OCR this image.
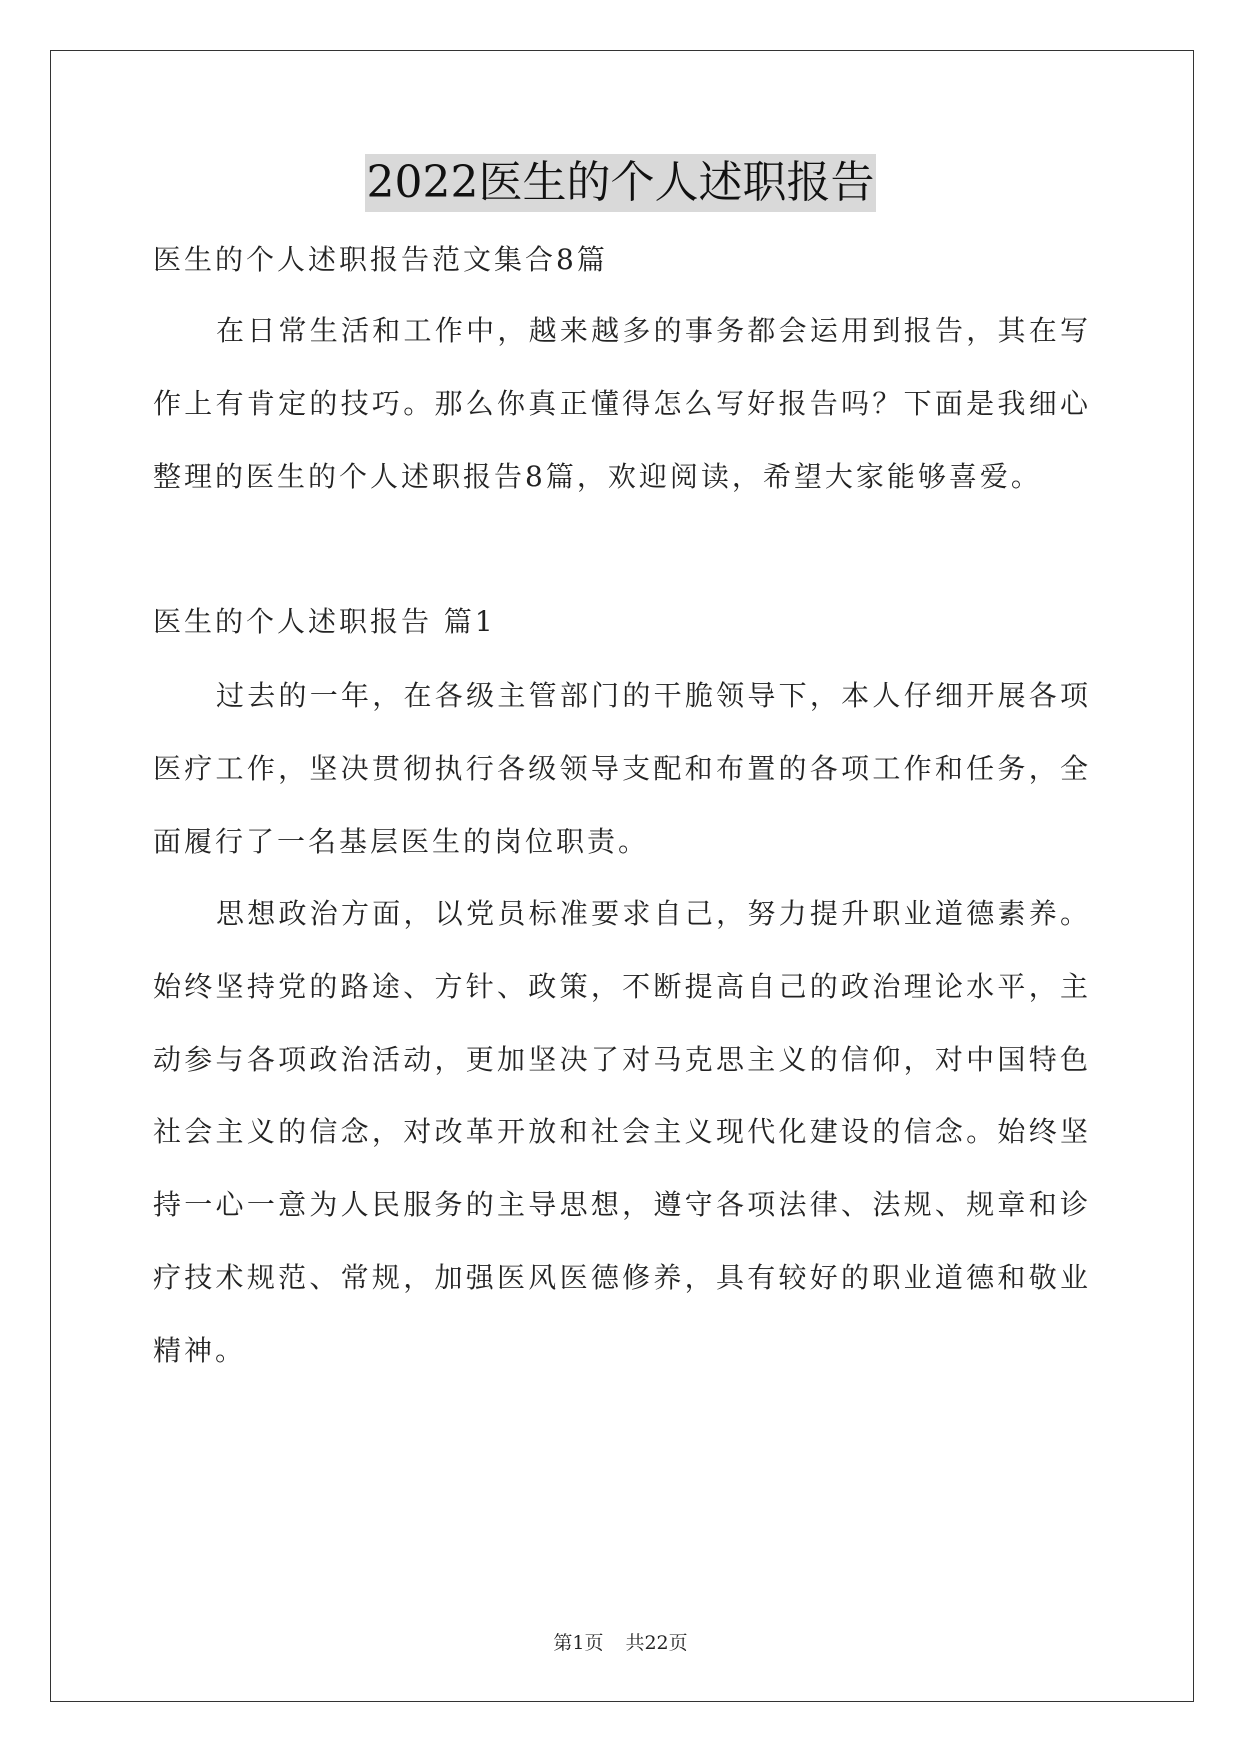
2022医生的个人述职报告
医生的个人述职报告范文集合8篇
在日常生活和工作中，越来越多的事务都会运用到报告，其在写
作上有肯定的技巧。那么你真正懂得怎么写好报告吗？下面是我细心
整理的医生的个人述职报告8篇，欢迎阅读，希望大家能够喜爱。
医生的个人述职报告 篇1
过去的一年，在各级主管部门的干脆领导下，本人仔细开展各项
医疗工作，坚决贯彻执行各级领导支配和布置的各项工作和任务，全
面履行了一名基层医生的岗位职责。
思想政治方面，以党员标准要求自己，努力提升职业道德素养。
始终坚持党的路途、方针、政策，不断提高自己的政治理论水平，主
动参与各项政治活动，更加坚决了对马克思主义的信仰，对中国特色
社会主义的信念，对改革开放和社会主义现代化建设的信念。始终坚
持一心一意为人民服务的主导思想，遵守各项法律、法规、规章和诊
疗技术规范、常规，加强医风医德修养，具有较好的职业道德和敬业
精神。
第1页 共22页
